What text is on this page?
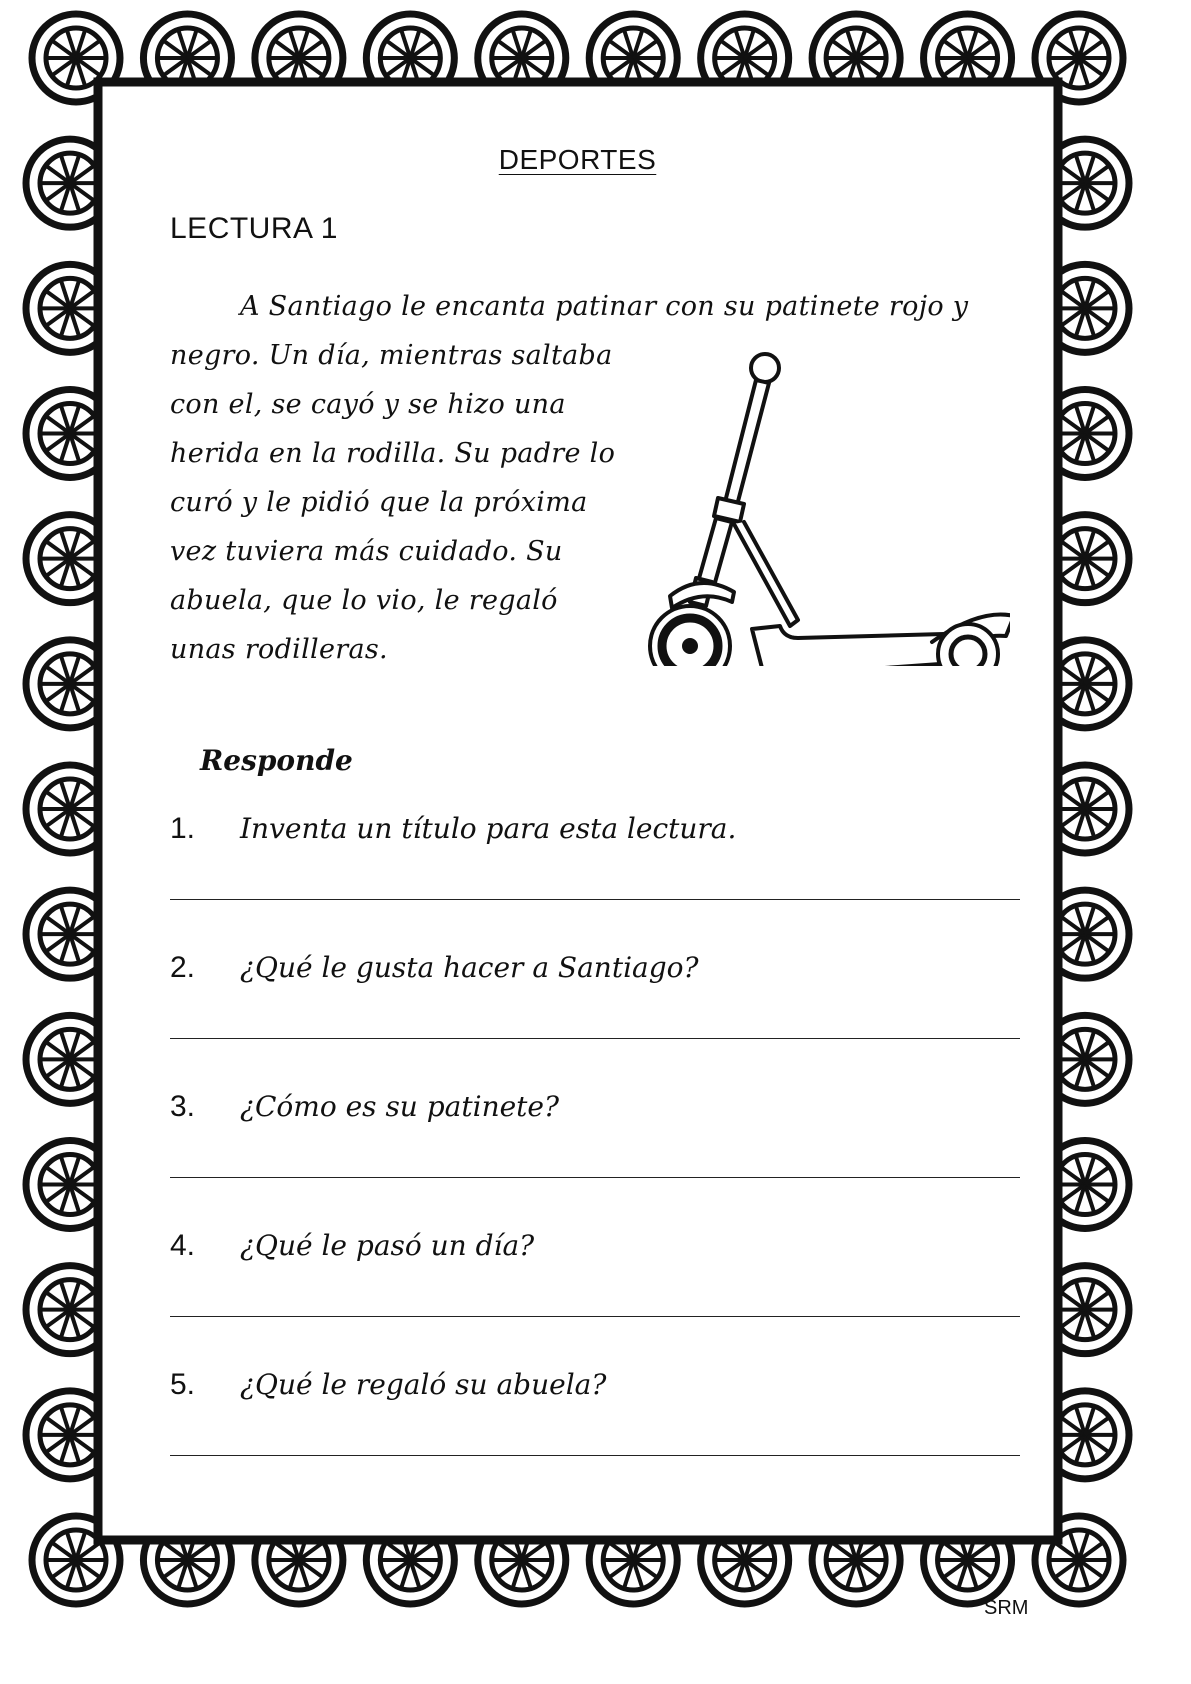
DEPORTES
LECTURA 1
A Santiago le encanta patinar con su patinete rojo y
negro. Un día, mientras saltaba
con el, se cayó y se hizo una
herida en la rodilla. Su padre lo
curó y le pidió que la próxima
vez tuviera más cuidado. Su
abuela, que lo vio, le regaló
unas rodilleras.
Responde
1. Inventa un título para esta lectura.
2. ¿Qué le gusta hacer a Santiago?
3. ¿Cómo es su patinete?
4. ¿Qué le pasó un día?
5. ¿Qué le regaló su abuela?
SRM
